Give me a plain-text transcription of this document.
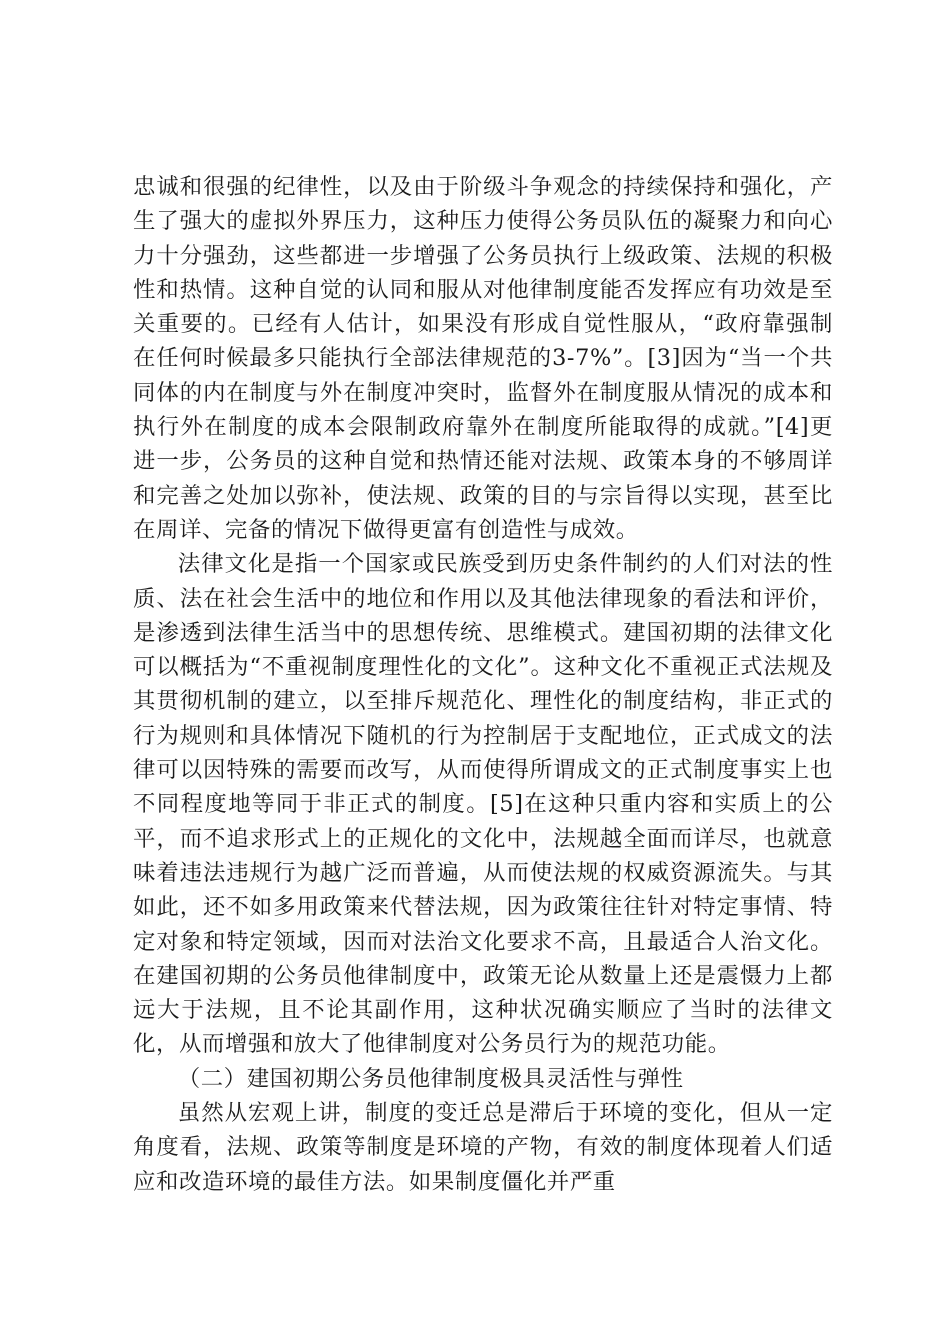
忠诚和很强的纪律性，以及由于阶级斗争观念的持续保持和强化，产生了强大的虚拟外界压力，这种压力使得公务员队伍的凝聚力和向心力十分强劲，这些都进一步增强了公务员执行上级政策、法规的积极性和热情。这种自觉的认同和服从对他律制度能否发挥应有功效是至关重要的。已经有人估计，如果没有形成自觉性服从，“政府靠强制在任何时候最多只能执行全部法律规范的3-7%”。[3]因为“当一个共同体的内在制度与外在制度冲突时，监督外在制度服从情况的成本和执行外在制度的成本会限制政府靠外在制度所能取得的成就。”[4]更进一步，公务员的这种自觉和热情还能对法规、政策本身的不够周详和完善之处加以弥补，使法规、政策的目的与宗旨得以实现，甚至比在周详、完备的情况下做得更富有创造性与成效。

法律文化是指一个国家或民族受到历史条件制约的人们对法的性质、法在社会生活中的地位和作用以及其他法律现象的看法和评价，是渗透到法律生活当中的思想传统、思维模式。建国初期的法律文化可以概括为“不重视制度理性化的文化”。这种文化不重视正式法规及其贯彻机制的建立，以至排斥规范化、理性化的制度结构，非正式的行为规则和具体情况下随机的行为控制居于支配地位，正式成文的法律可以因特殊的需要而改写，从而使得所谓成文的正式制度事实上也不同程度地等同于非正式的制度。[5]在这种只重内容和实质上的公平，而不追求形式上的正规化的文化中，法规越全面而详尽，也就意味着违法违规行为越广泛而普遍，从而使法规的权威资源流失。与其如此，还不如多用政策来代替法规，因为政策往往针对特定事情、特定对象和特定领域，因而对法治文化要求不高，且最适合人治文化。在建国初期的公务员他律制度中，政策无论从数量上还是震慑力上都远大于法规，且不论其副作用，这种状况确实顺应了当时的法律文化，从而增强和放大了他律制度对公务员行为的规范功能。

（二）建国初期公务员他律制度极具灵活性与弹性

虽然从宏观上讲，制度的变迁总是滞后于环境的变化，但从一定角度看，法规、政策等制度是环境的产物，有效的制度体现着人们适应和改造环境的最佳方法。如果制度僵化并严重
